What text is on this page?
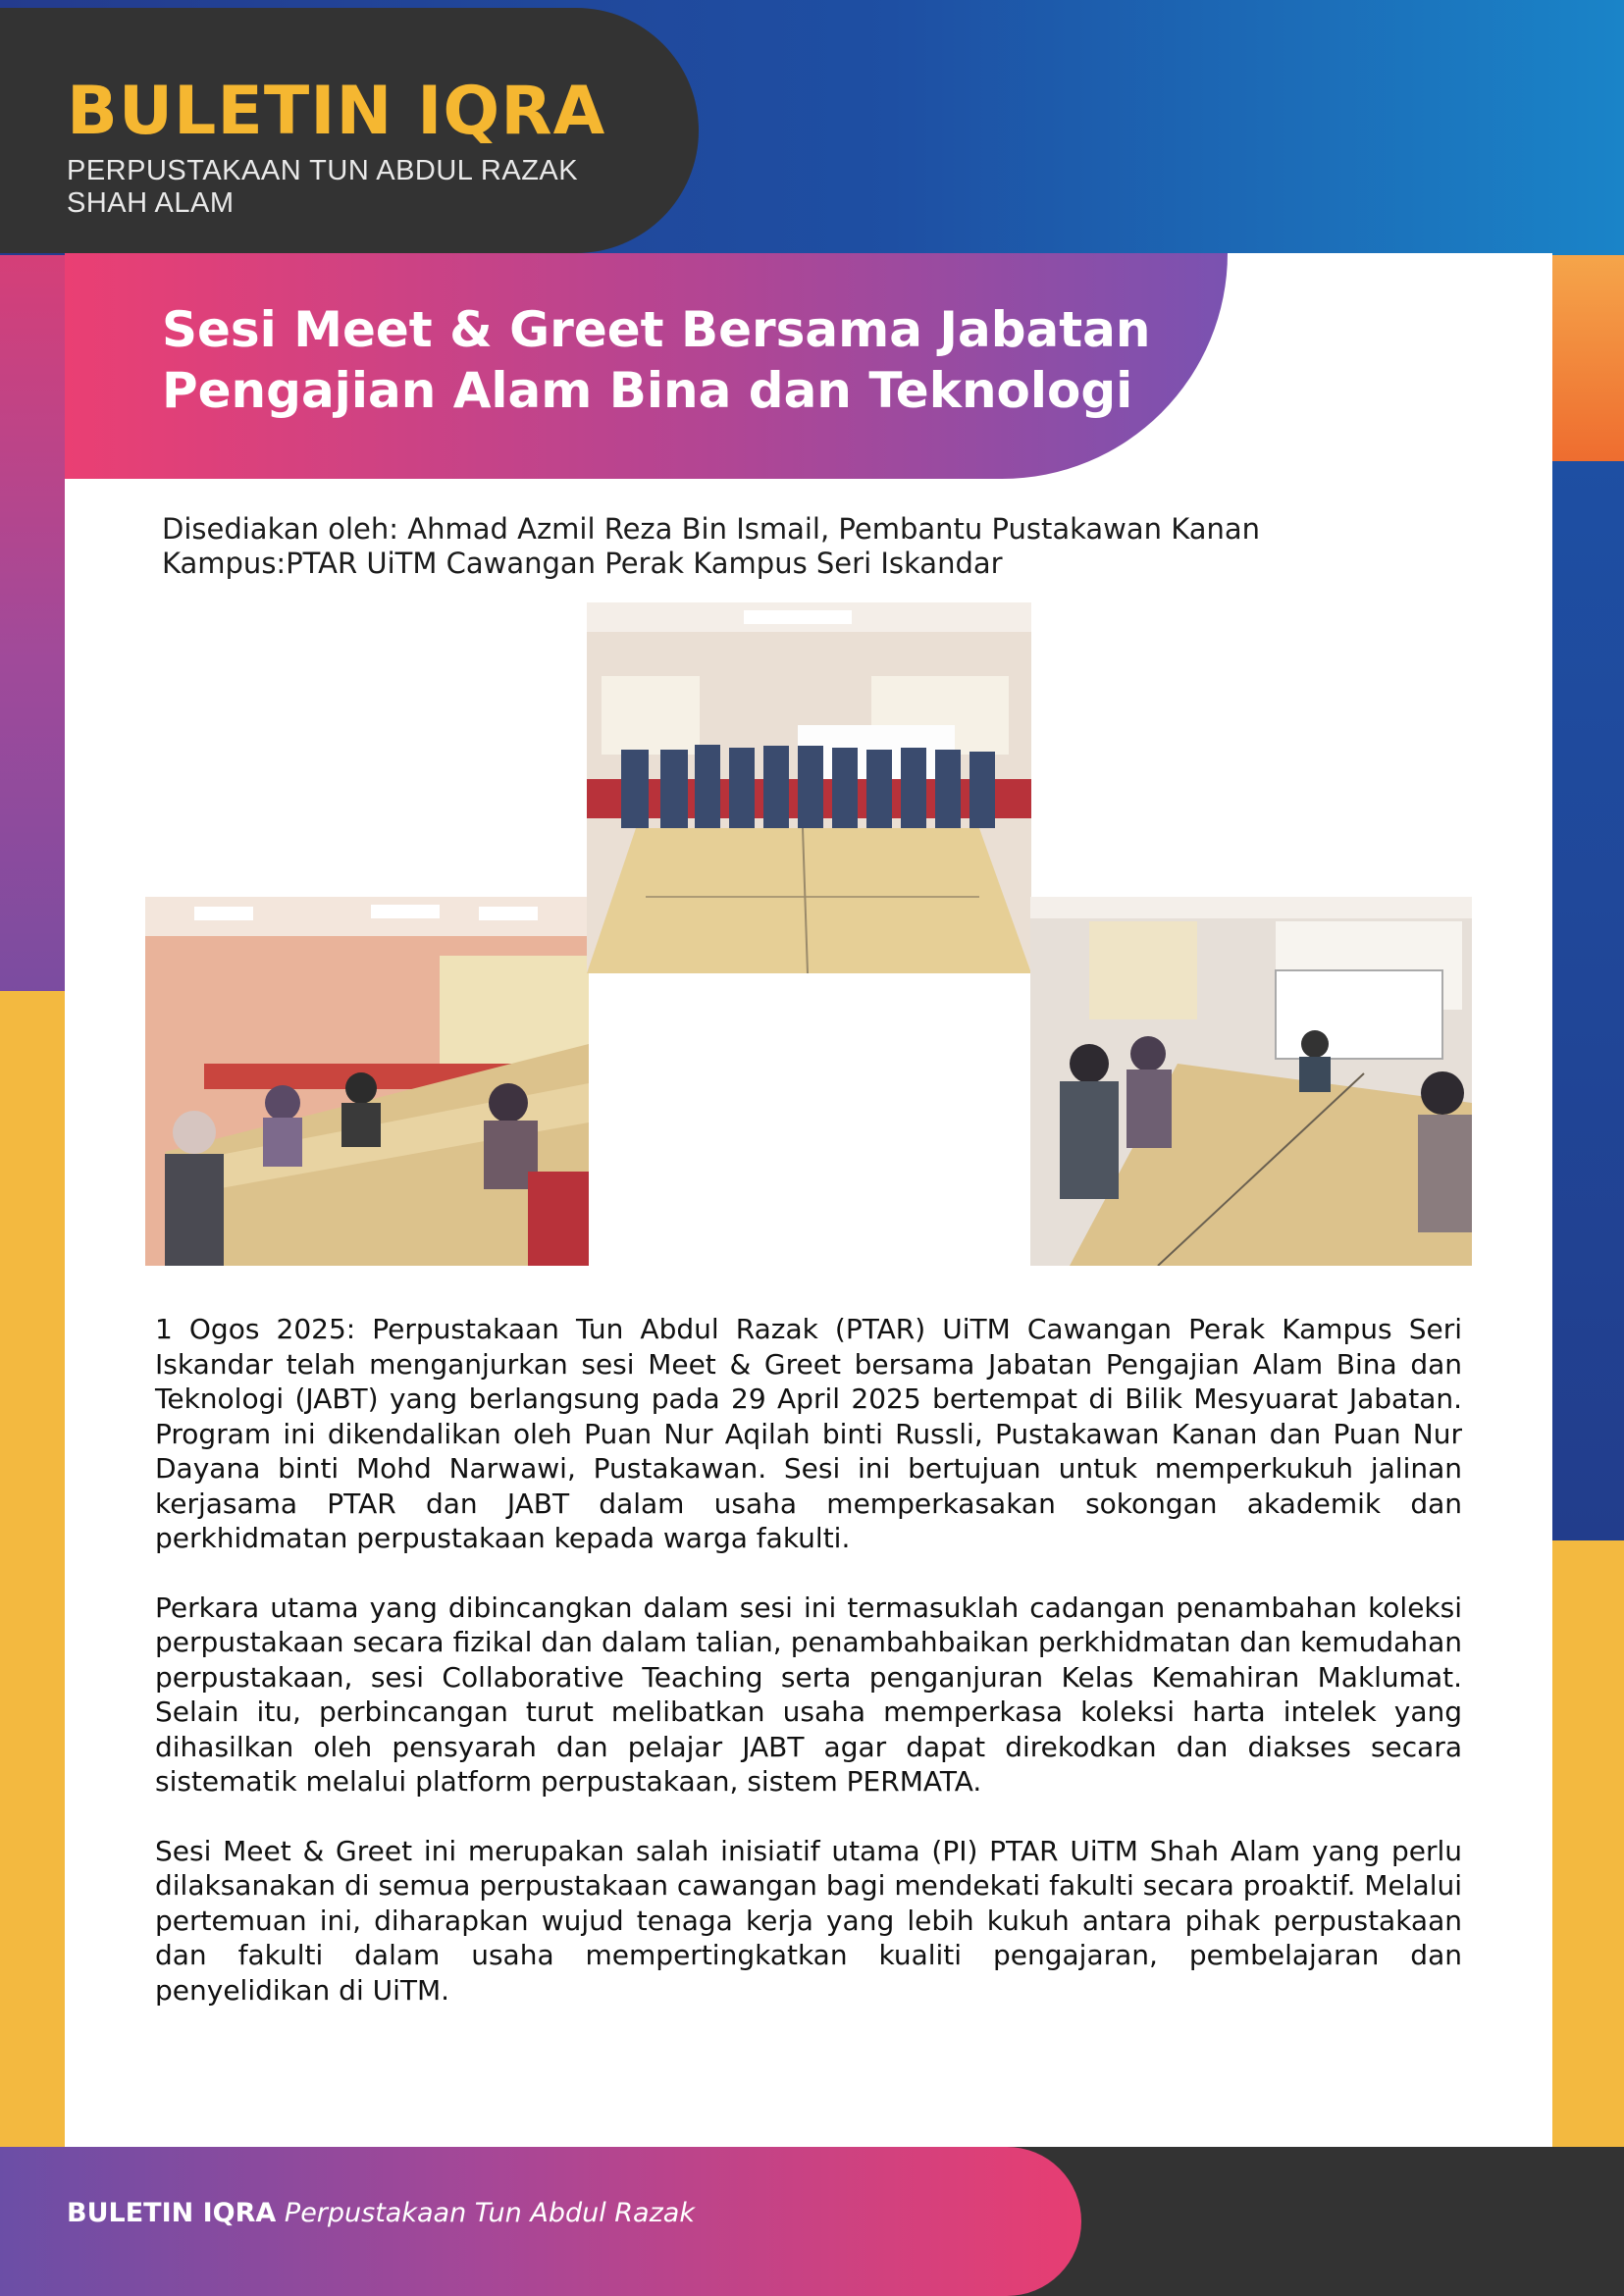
BULETIN IQRA

PERPUSTAKAAN TUN ABDUL RAZAK SHAH ALAM

Sesi Meet & Greet Bersama Jabatan Pengajian Alam Bina dan Teknologi
Disediakan oleh: Ahmad Azmil Reza Bin Ismail, Pembantu Pustakawan Kanan
Kampus:PTAR UiTM Cawangan Perak Kampus Seri Iskandar

1 Ogos 2025: Perpustakaan Tun Abdul Razak (PTAR) UiTM Cawangan Perak Kampus Seri Iskandar telah menganjurkan sesi Meet & Greet bersama Jabatan Pengajian Alam Bina dan Teknologi (JABT) yang berlangsung pada 29 April 2025 bertempat di Bilik Mesyuarat Jabatan. Program ini dikendalikan oleh Puan Nur Aqilah binti Russli, Pustakawan Kanan dan Puan Nur Dayana binti Mohd Narwawi, Pustakawan. Sesi ini bertujuan untuk memperkukuh jalinan kerjasama PTAR dan JABT dalam usaha memperkasakan sokongan akademik dan perkhidmatan perpustakaan kepada warga fakulti.

Perkara utama yang dibincangkan dalam sesi ini termasuklah cadangan penambahan koleksi perpustakaan secara fizikal dan dalam talian, penambahbaikan perkhidmatan dan kemudahan perpustakaan, sesi Collaborative Teaching serta penganjuran Kelas Kemahiran Maklumat. Selain itu, perbincangan turut melibatkan usaha memperkasa koleksi harta intelek yang dihasilkan oleh pensyarah dan pelajar JABT agar dapat direkodkan dan diakses secara sistematik melalui platform perpustakaan, sistem PERMATA.

Sesi Meet & Greet ini merupakan salah inisiatif utama (PI) PTAR UiTM Shah Alam yang perlu dilaksanakan di semua perpustakaan cawangan bagi mendekati fakulti secara proaktif. Melalui pertemuan ini, diharapkan wujud tenaga kerja yang lebih kukuh antara pihak perpustakaan dan fakulti dalam usaha mempertingkatkan kualiti pengajaran, pembelajaran dan penyelidikan di UiTM.

BULETIN IQRA Perpustakaan Tun Abdul Razak
